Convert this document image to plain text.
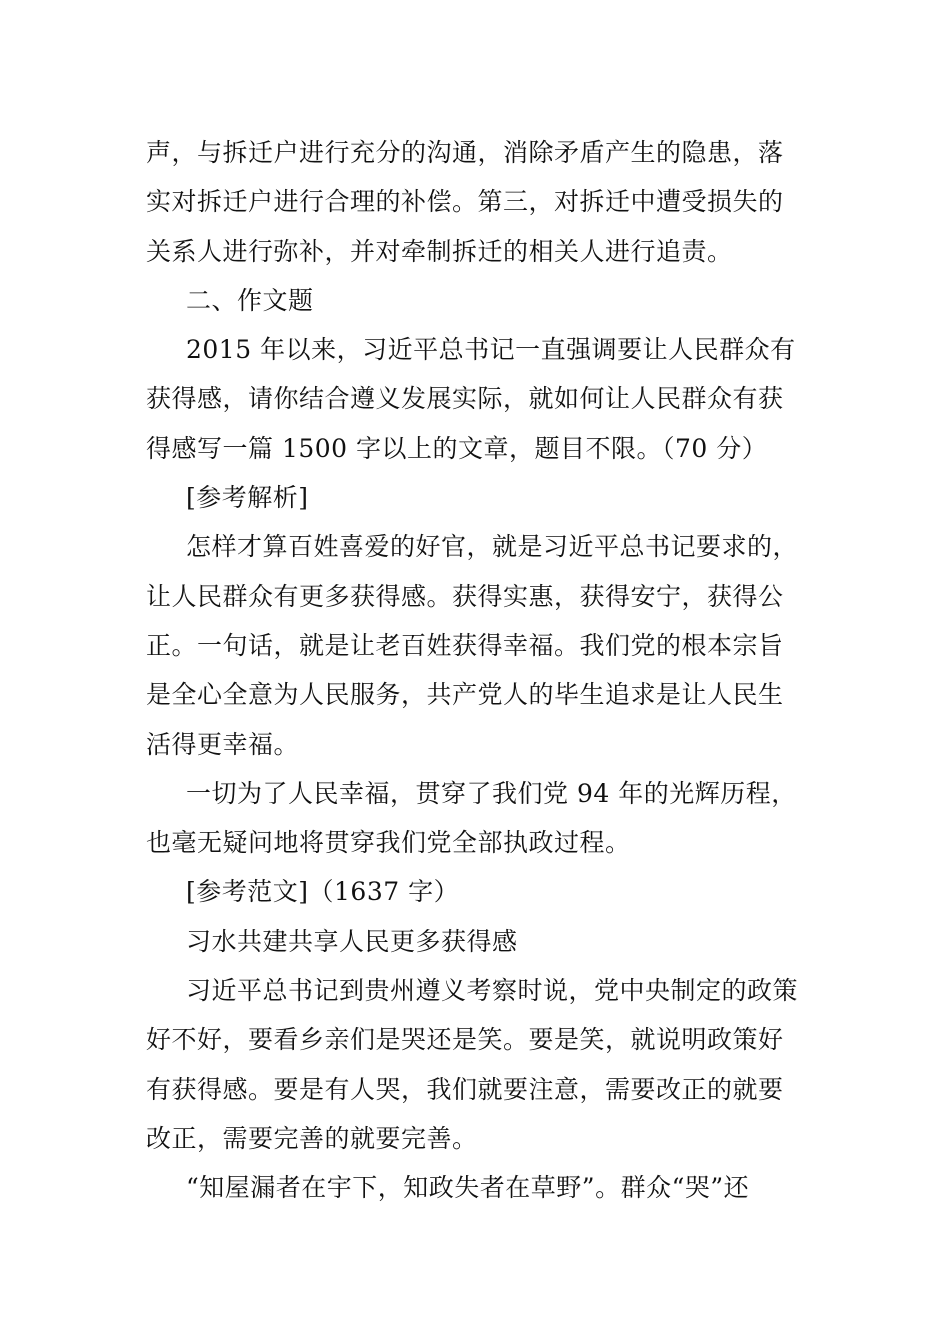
声，与拆迁户进行充分的沟通，消除矛盾产生的隐患，落
实对拆迁户进行合理的补偿。第三，对拆迁中遭受损失的
关系人进行弥补，并对牵制拆迁的相关人进行追责。
二、作文题
2015 年以来，习近平总书记一直强调要让人民群众有
获得感，请你结合遵义发展实际，就如何让人民群众有获
得感写一篇 1500 字以上的文章，题目不限。（70 分）
[参考解析]
怎样才算百姓喜爱的好官，就是习近平总书记要求的，
让人民群众有更多获得感。获得实惠，获得安宁，获得公
正。一句话，就是让老百姓获得幸福。我们党的根本宗旨
是全心全意为人民服务，共产党人的毕生追求是让人民生
活得更幸福。
一切为了人民幸福，贯穿了我们党 94 年的光辉历程，
也毫无疑问地将贯穿我们党全部执政过程。
[参考范文]（1637 字）
习水共建共享人民更多获得感
习近平总书记到贵州遵义考察时说，党中央制定的政策
好不好，要看乡亲们是哭还是笑。要是笑，就说明政策好
有获得感。要是有人哭，我们就要注意，需要改正的就要
改正，需要完善的就要完善。
“知屋漏者在宇下，知政失者在草野”。群众“哭”还
